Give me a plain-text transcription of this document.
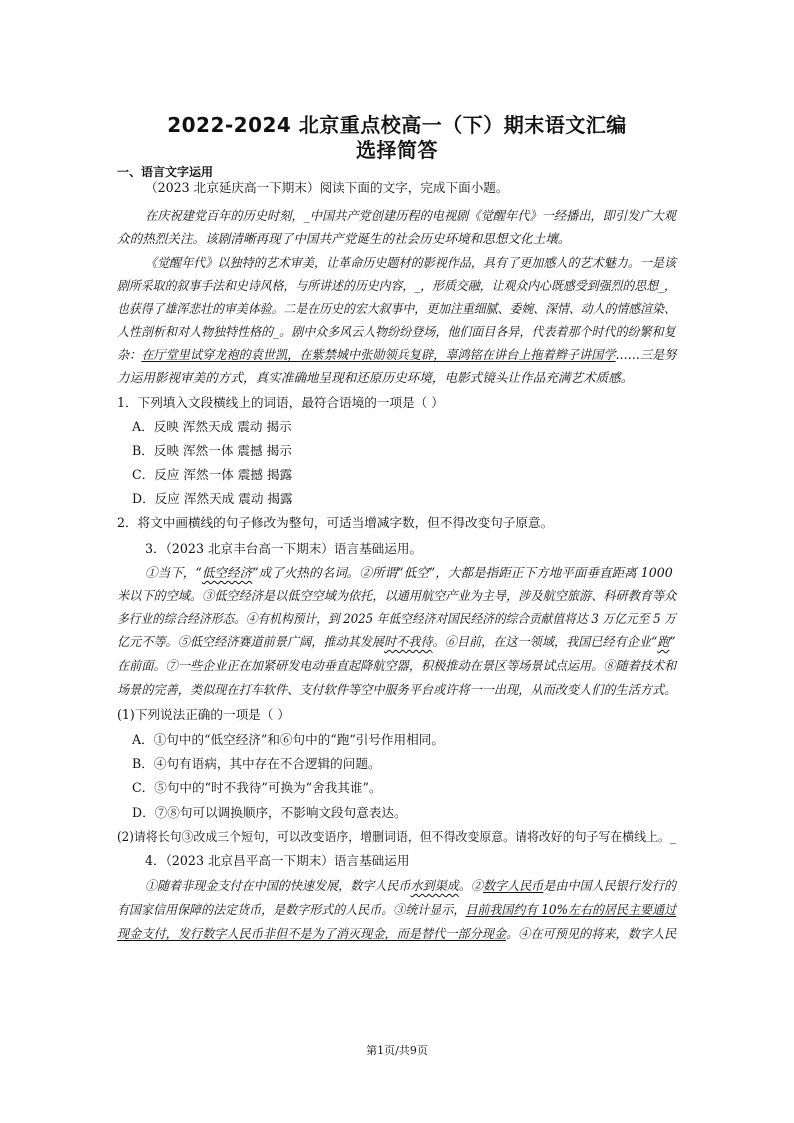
2022-2024 北京重点校高一（下）期末语文汇编
选择简答
一、语言文字运用
（2023 北京延庆高一下期末）阅读下面的文字，完成下面小题。
在庆祝建党百年的历史时刻，_中国共产党创建历程的电视剧《觉醒年代》一经播出，即引发广大观
众的热烈关注。该剧清晰再现了中国共产党诞生的社会历史环境和思想文化土壤。
《觉醒年代》以独特的艺术审美，让革命历史题材的影视作品，具有了更加感人的艺术魅力。一是该
剧所采取的叙事手法和史诗风格，与所讲述的历史内容，_，形质交融，让观众内心既感受到强烈的思想_，
也获得了雄浑悲壮的审美体验。二是在历史的宏大叙事中，更加注重细腻、委婉、深情、动人的情感渲染、
人性剖析和对人物独特性格的_。剧中众多风云人物纷纷登场，他们面目各异，代表着那个时代的纷繁和复
杂：在厅堂里试穿龙袍的袁世凯，在紫禁城中张勋领兵复辟，辜鸿铭在讲台上拖着辫子讲国学……三是努
力运用影视审美的方式，真实准确地呈现和还原历史环境，电影式镜头让作品充满艺术质感。
1．下列填入文段横线上的词语，最符合语境的一项是（ ）
A．反映 浑然天成 震动 揭示
B．反映 浑然一体 震撼 揭示
C．反应 浑然一体 震撼 揭露
D．反应 浑然天成 震动 揭露
2．将文中画横线的句子修改为整句，可适当增减字数，但不得改变句子原意。
3．（2023 北京丰台高一下期末）语言基础运用。
①当下，“低空经济”成了火热的名词。②所谓“低空”，大都是指距正下方地平面垂直距离 1000
米以下的空域。③低空经济是以低空空域为依托，以通用航空产业为主导，涉及航空旅游、科研教育等众
多行业的综合经济形态。④有机构预计，到 2025 年低空经济对国民经济的综合贡献值将达 3 万亿元至 5 万
亿元不等。⑤低空经济赛道前景广阔，推动其发展时不我待。⑥目前，在这一领域，我国已经有企业“跑”
在前面。⑦一些企业正在加紧研发电动垂直起降航空器，积极推动在景区等场景试点运用。⑧随着技术和
场景的完善，类似现在打车软件、支付软件等空中服务平台或许将一一出现，从而改变人们的生活方式。
(1)下列说法正确的一项是（ ）
A．①句中的“低空经济”和⑥句中的“跑”引号作用相同。
B．④句有语病，其中存在不合逻辑的问题。
C．⑤句中的“时不我待”可换为“舍我其谁”。
D．⑦⑧句可以调换顺序，不影响文段句意表达。
(2)请将长句③改成三个短句，可以改变语序，增删词语，但不得改变原意。请将改好的句子写在横线上。_
4．（2023 北京昌平高一下期末）语言基础运用
①随着非现金支付在中国的快速发展，数字人民币水到渠成。②数字人民币是由中国人民银行发行的
有国家信用保障的法定货币，是数字形式的人民币。③统计显示，目前我国约有 10%左右的居民主要通过
现金支付，发行数字人民币非但不是为了消灭现金，而是替代一部分现金。④在可预见的将来，数字人民
第1页/共9页
